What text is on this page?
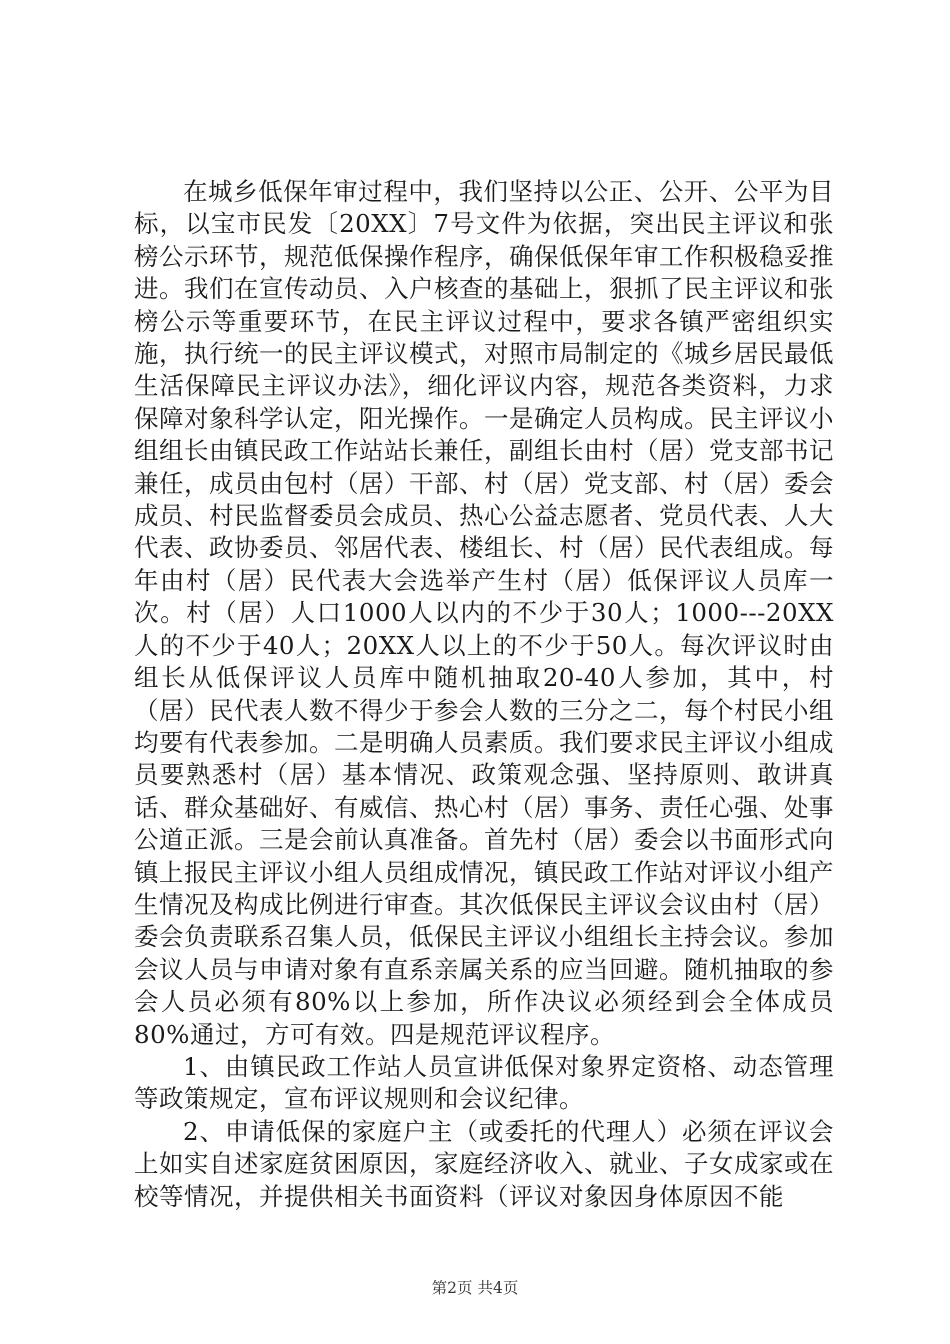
在城乡低保年审过程中，我们坚持以公正、公开、公平为目标，以宝市民发〔20XX〕7号文件为依据，突出民主评议和张榜公示环节，规范低保操作程序，确保低保年审工作积极稳妥推进。我们在宣传动员、入户核查的基础上，狠抓了民主评议和张榜公示等重要环节，在民主评议过程中，要求各镇严密组织实施，执行统一的民主评议模式，对照市局制定的《城乡居民最低生活保障民主评议办法》，细化评议内容，规范各类资料，力求保障对象科学认定，阳光操作。一是确定人员构成。民主评议小组组长由镇民政工作站站长兼任，副组长由村（居）党支部书记兼任，成员由包村（居）干部、村（居）党支部、村（居）委会成员、村民监督委员会成员、热心公益志愿者、党员代表、人大代表、政协委员、邻居代表、楼组长、村（居）民代表组成。每年由村（居）民代表大会选举产生村（居）低保评议人员库一次。村（居）人口1000人以内的不少于30人；1000---20XX人的不少于40人；20XX人以上的不少于50人。每次评议时由组长从低保评议人员库中随机抽取20-40人参加，其中，村（居）民代表人数不得少于参会人数的三分之二，每个村民小组均要有代表参加。二是明确人员素质。我们要求民主评议小组成员要熟悉村（居）基本情况、政策观念强、坚持原则、敢讲真话、群众基础好、有威信、热心村（居）事务、责任心强、处事公道正派。三是会前认真准备。首先村（居）委会以书面形式向镇上报民主评议小组人员组成情况，镇民政工作站对评议小组产生情况及构成比例进行审查。其次低保民主评议会议由村（居）委会负责联系召集人员，低保民主评议小组组长主持会议。参加会议人员与申请对象有直系亲属关系的应当回避。随机抽取的参会人员必须有80%以上参加，所作决议必须经到会全体成员80%通过，方可有效。四是规范评议程序。

1、由镇民政工作站人员宣讲低保对象界定资格、动态管理等政策规定，宣布评议规则和会议纪律。

2、申请低保的家庭户主（或委托的代理人）必须在评议会上如实自述家庭贫困原因，家庭经济收入、就业、子女成家或在校等情况，并提供相关书面资料（评议对象因身体原因不能

第2页 共4页
